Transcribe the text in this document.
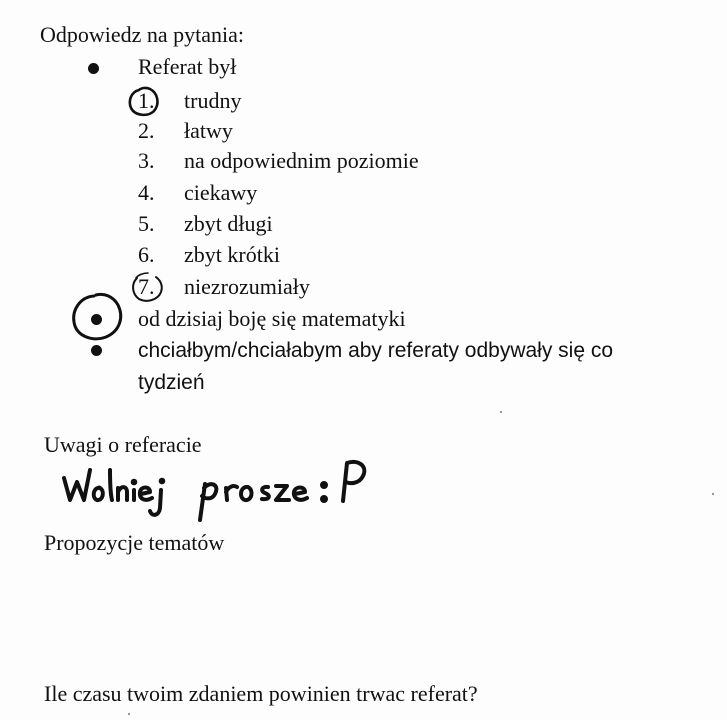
Odpowiedz na pytania:
Referat był
1.	trudny
2.	łatwy
3.	na odpowiednim poziomie
4.	ciekawy
5.	zbyt długi
6.	zbyt krótki
7.	niezrozumiały
od dzisiaj boję się matematyki
chciałbym/chciałabym aby referaty odbywały się co
tydzień
Uwagi o referacie
Propozycje tematów
Ile czasu twoim zdaniem powinien trwac referat?
